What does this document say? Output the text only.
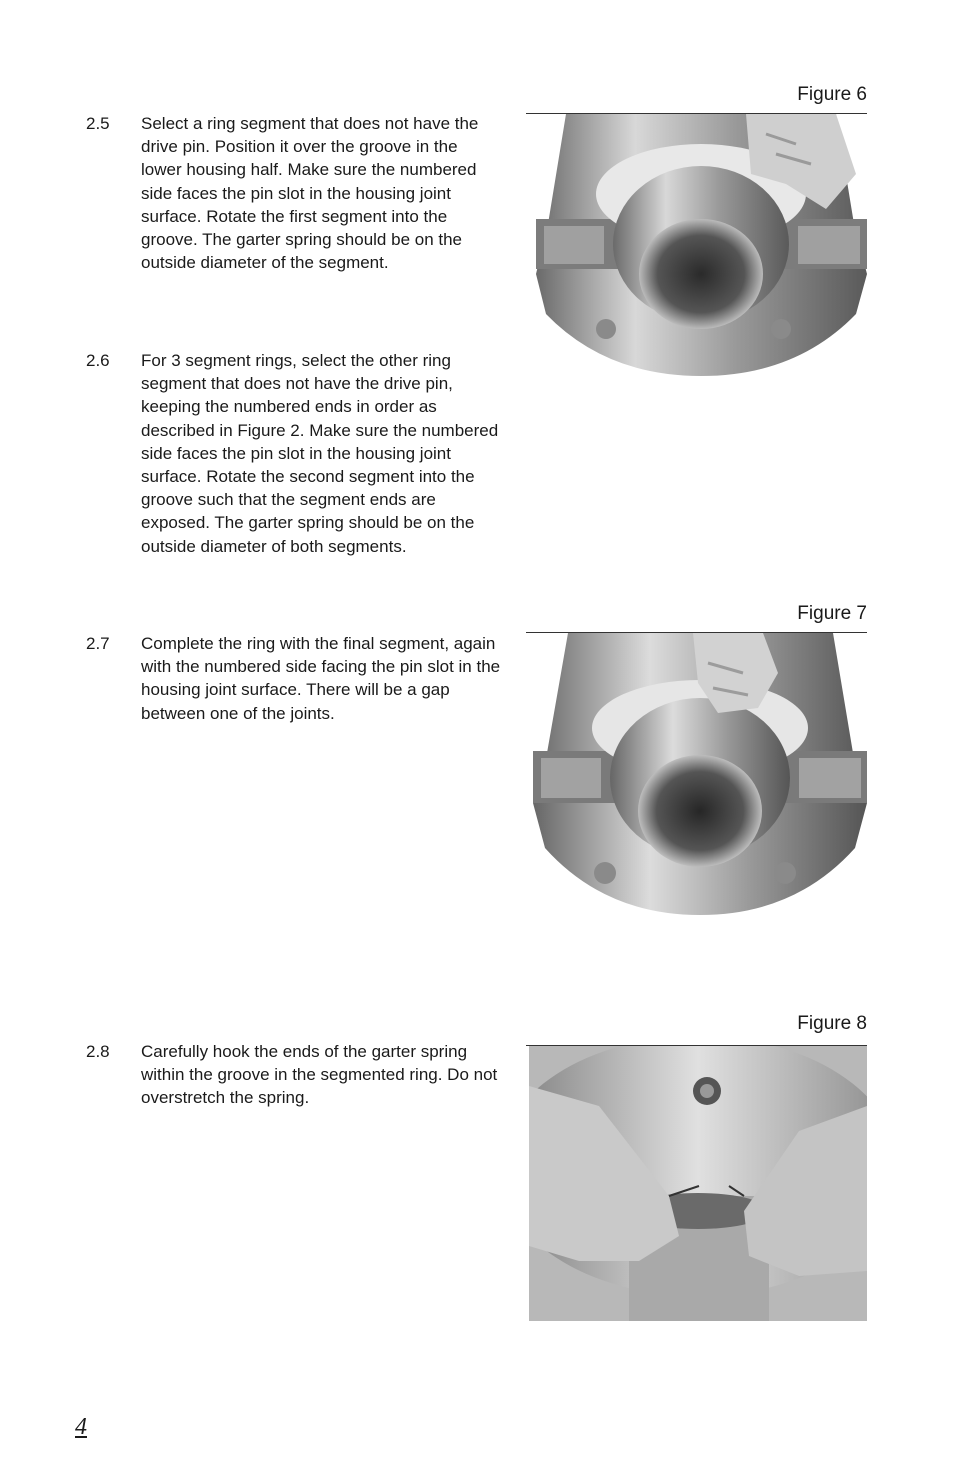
2.5 Select a ring segment that does not have the drive pin. Position it over the groove in the lower housing half. Make sure the numbered side faces the pin slot in the housing joint surface. Rotate the first segment into the groove. The garter spring should be on the outside diameter of the segment.
2.6 For 3 segment rings, select the other ring segment that does not have the drive pin, keeping the numbered ends in order as described in Figure 2. Make sure the numbered side faces the pin slot in the housing joint surface. Rotate the second segment into the groove such that the segment ends are exposed. The garter spring should be on the outside diameter of both segments.
2.7 Complete the ring with the final segment, again with the numbered side facing the pin slot in the housing joint surface. There will be a gap between one of the joints.
2.8 Carefully hook the ends of the garter spring within the groove in the segmented ring. Do not overstretch the spring.
Figure 6
Figure 7
Figure 8
4
